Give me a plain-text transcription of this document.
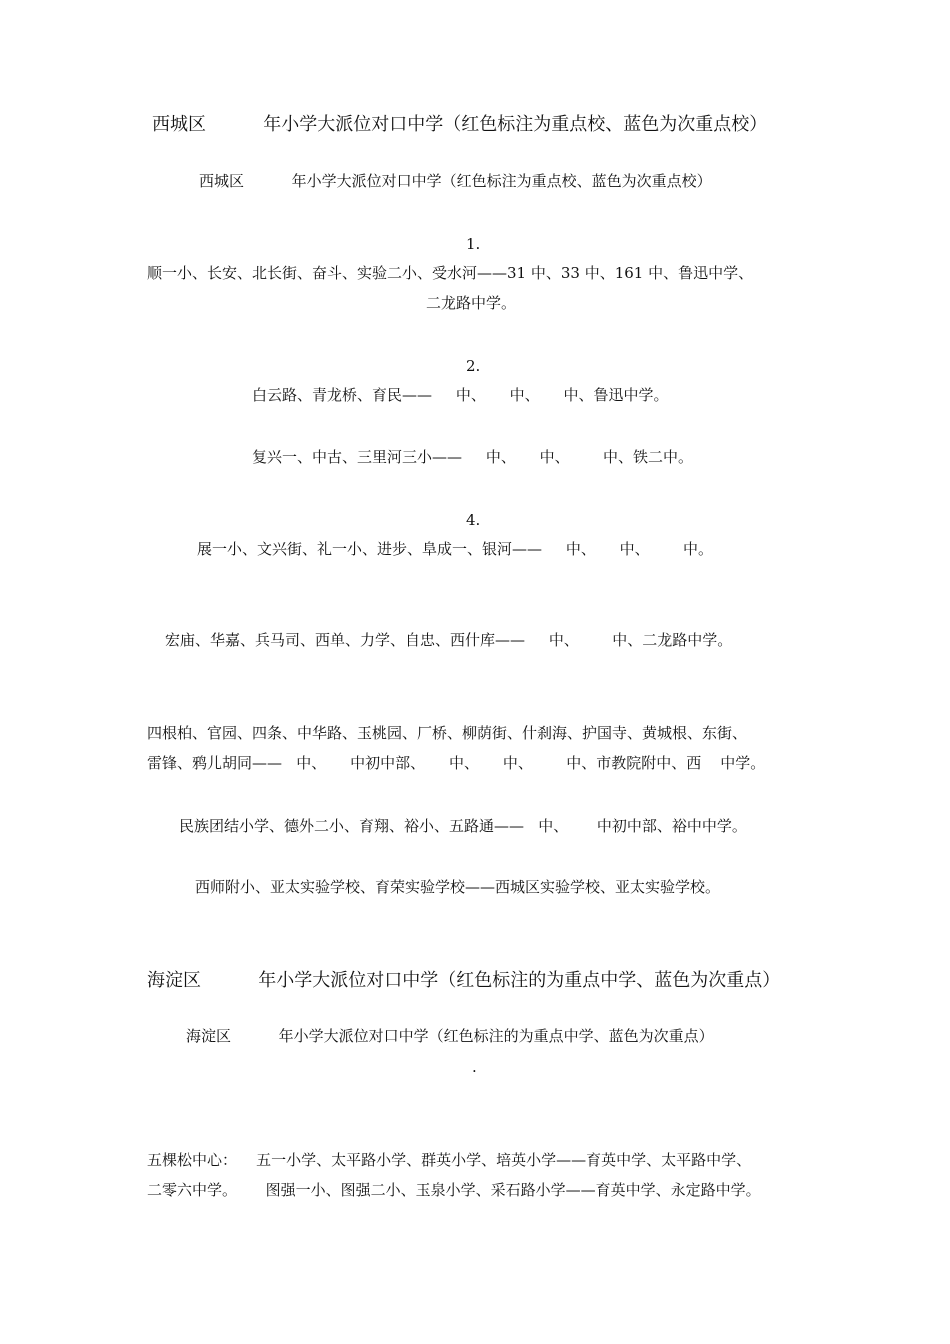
西城区          年小学大派位对口中学（红色标注为重点校、蓝色为次重点校）
西城区          年小学大派位对口中学（红色标注为重点校、蓝色为次重点校）
1.
顺一小、长安、北长街、奋斗、实验二小、受水河——31 中、33 中、161 中、鲁迅中学、
二龙路中学。
2.
白云路、青龙桥、育民——     中、     中、     中、鲁迅中学。
复兴一、中古、三里河三小——     中、     中、       中、铁二中。
4.
展一小、文兴街、礼一小、进步、阜成一、银河——     中、     中、       中。
宏庙、华嘉、兵马司、西单、力学、自忠、西什库——     中、       中、二龙路中学。
四根柏、官园、四条、中华路、玉桃园、厂桥、柳荫街、什刹海、护国寺、黄城根、东街、
雷锋、鸦儿胡同——   中、     中初中部、     中、     中、       中、市教院附中、西    中学。
民族团结小学、德外二小、育翔、裕小、五路通——   中、      中初中部、裕中中学。
西师附小、亚太实验学校、育荣实验学校——西城区实验学校、亚太实验学校。
海淀区          年小学大派位对口中学（红色标注的为重点中学、蓝色为次重点）
海淀区          年小学大派位对口中学（红色标注的为重点中学、蓝色为次重点）
.
五棵松中心：    五一小学、太平路小学、群英小学、培英小学——育英中学、太平路中学、
二零六中学。      图强一小、图强二小、玉泉小学、采石路小学——育英中学、永定路中学。
